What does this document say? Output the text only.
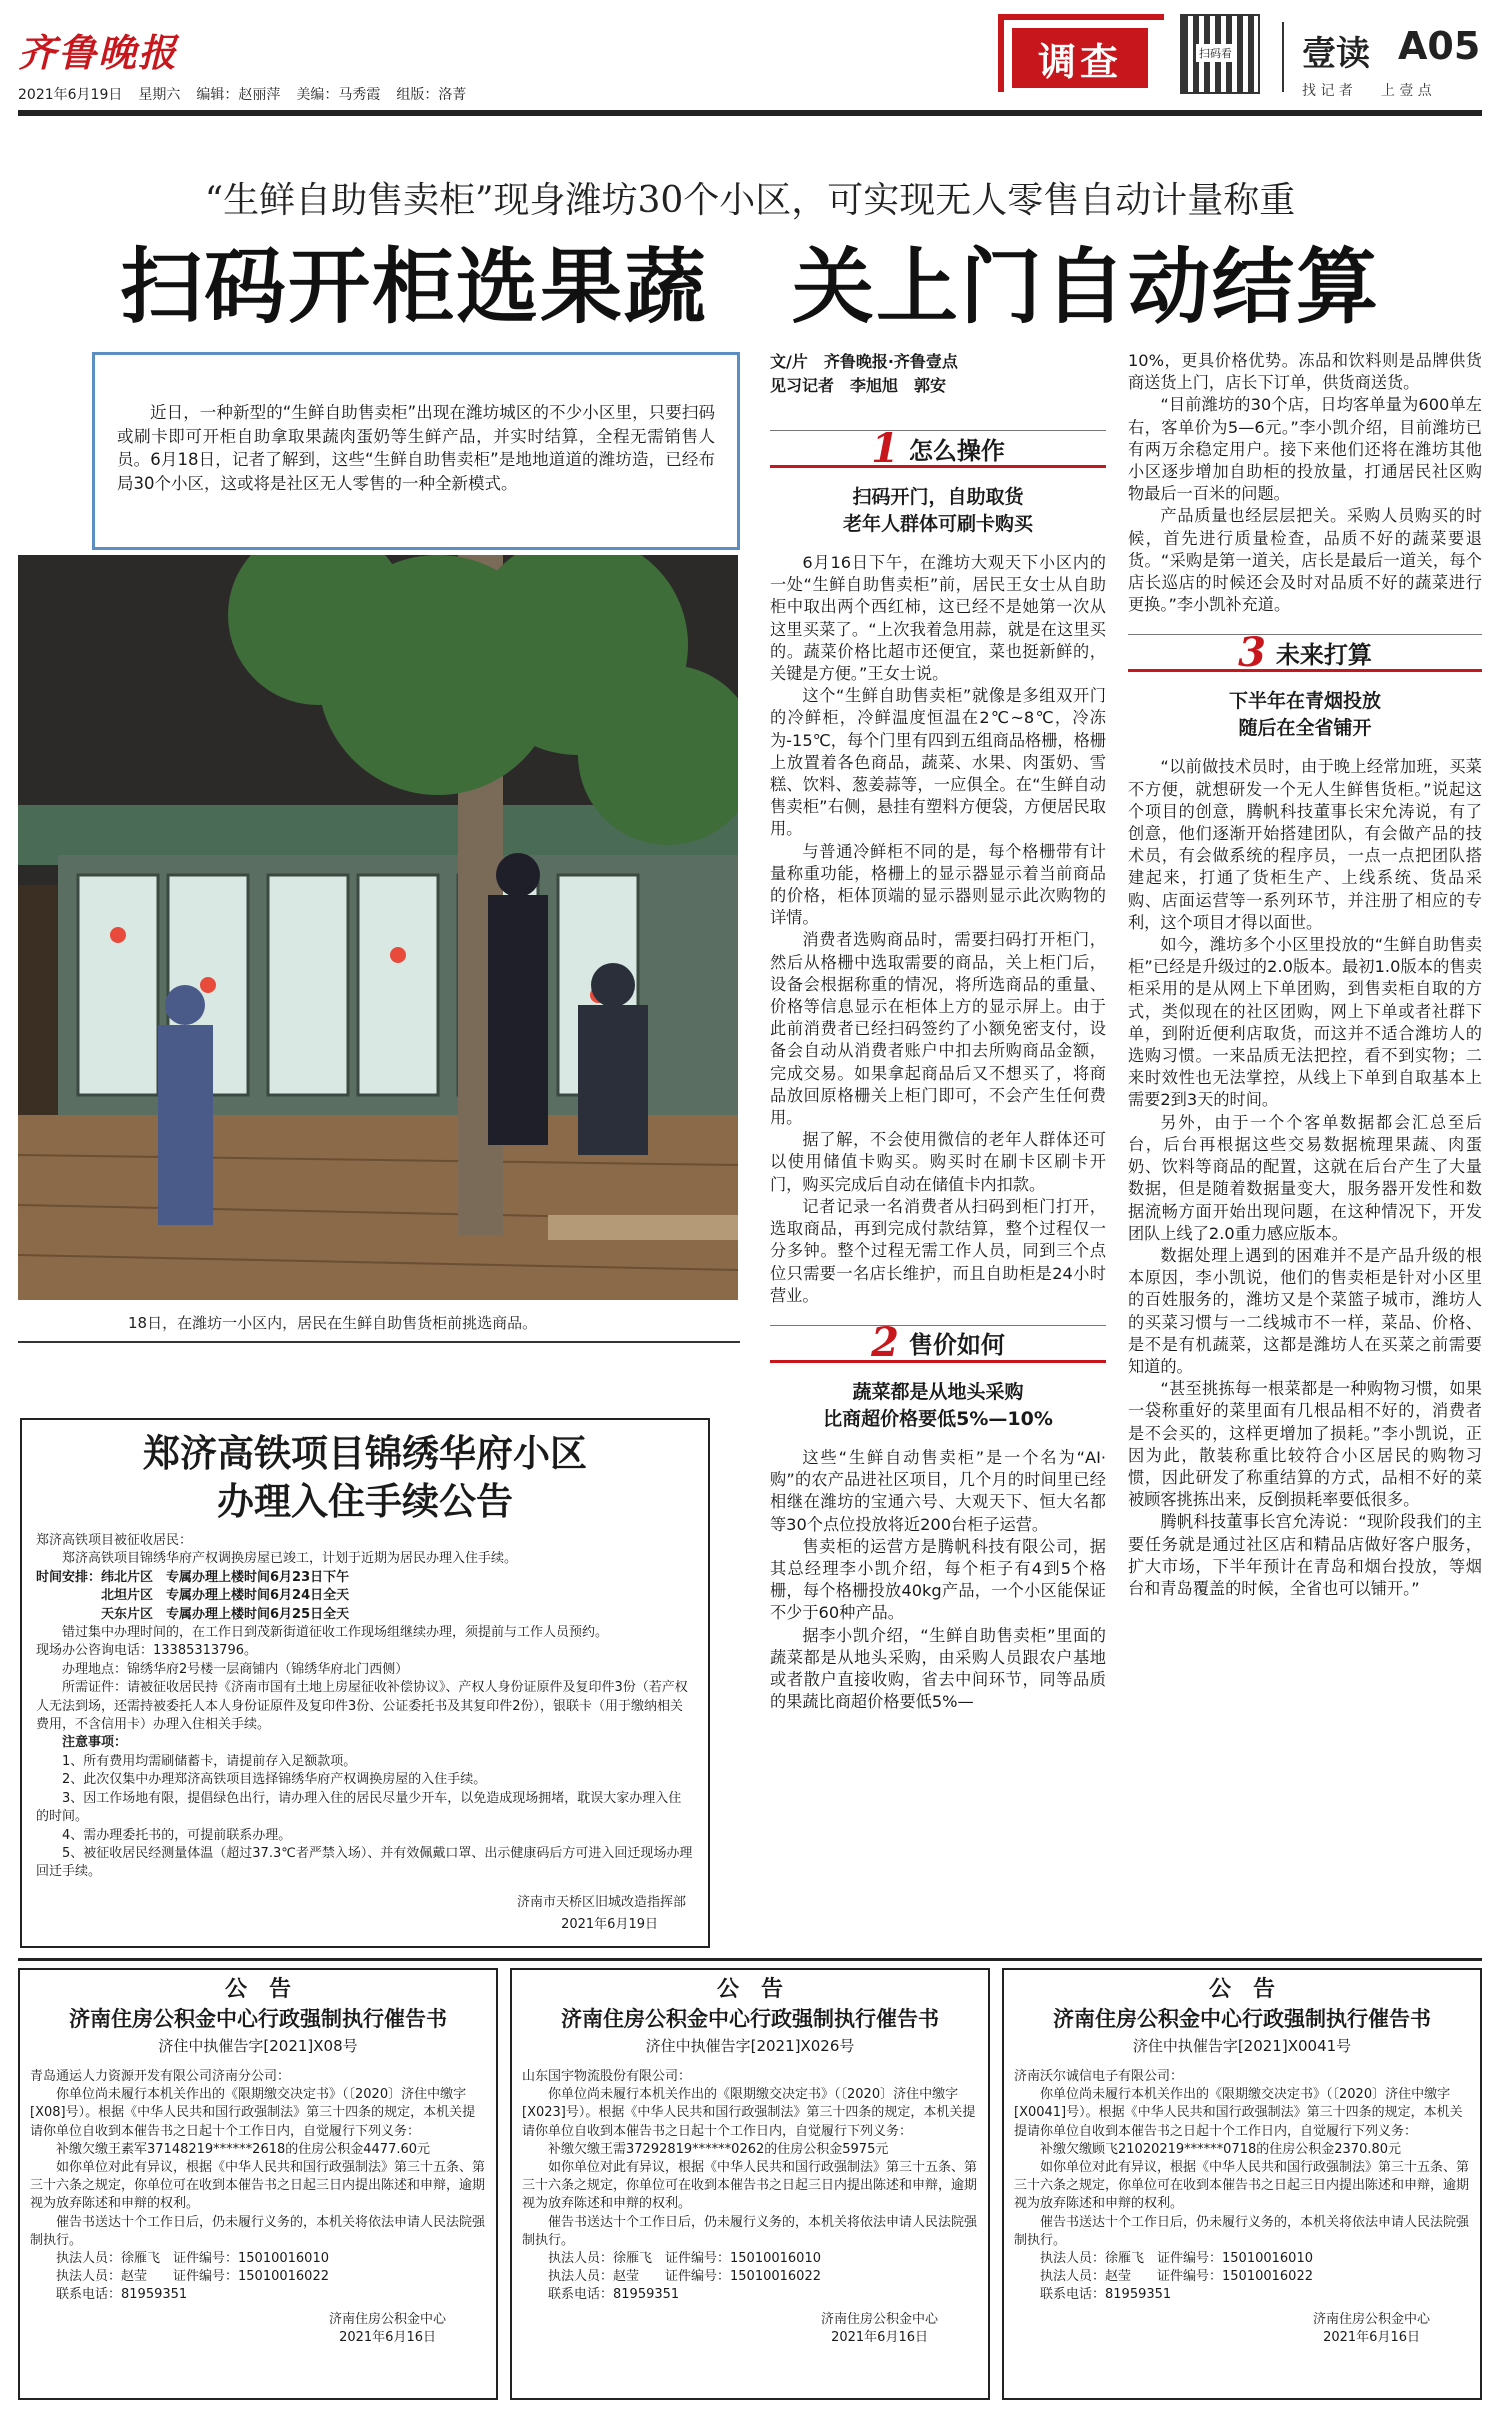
齐鲁晚报
2021年6月19日 星期六 编辑：赵丽萍 美编：马秀霞 组版：洛菁
调查	扫码看 壹读 A05
找 记 者　　上 壹 点
“生鲜自助售卖柜”现身潍坊30个小区，可实现无人零售自动计量称重
扫码开柜选果蔬　关上门自动结算

近日，一种新型的“生鲜自助售卖柜”出现在潍坊城区的不少小区里，只要扫码或刷卡即可开柜自助拿取果蔬肉蛋奶等生鲜产品，并实时结算，全程无需销售人员。6月18日，记者了解到，这些“生鲜自助售卖柜”是地地道道的潍坊造，已经布局30个小区，这或将是社区无人零售的一种全新模式。

18日，在潍坊一小区内，居民在生鲜自助售货柜前挑选商品。
文/片　齐鲁晚报·齐鲁壹点
见习记者　李旭旭　郭安
1 怎么操作
扫码开门，自助取货
老年人群体可刷卡购买

6月16日下午，在潍坊大观天下小区内的一处“生鲜自助售卖柜”前，居民王女士从自助柜中取出两个西红柿，这已经不是她第一次从这里买菜了。“上次我着急用蒜，就是在这里买的。蔬菜价格比超市还便宜，菜也挺新鲜的，关键是方便。”王女士说。

这个“生鲜自助售卖柜”就像是多组双开门的冷鲜柜，冷鲜温度恒温在2℃~8℃，冷冻为-15℃，每个门里有四到五组商品格栅，格栅上放置着各色商品，蔬菜、水果、肉蛋奶、雪糕、饮料、葱姜蒜等，一应俱全。在“生鲜自动售卖柜”右侧，悬挂有塑料方便袋，方便居民取用。

与普通冷鲜柜不同的是，每个格栅带有计量称重功能，格栅上的显示器显示着当前商品的价格，柜体顶端的显示器则显示此次购物的详情。

消费者选购商品时，需要扫码打开柜门，然后从格栅中选取需要的商品，关上柜门后，设备会根据称重的情况，将所选商品的重量、价格等信息显示在柜体上方的显示屏上。由于此前消费者已经扫码签约了小额免密支付，设备会自动从消费者账户中扣去所购商品金额，完成交易。如果拿起商品后又不想买了，将商品放回原格栅关上柜门即可，不会产生任何费用。

据了解，不会使用微信的老年人群体还可以使用储值卡购买。购买时在刷卡区刷卡开门，购买完成后自动在储值卡内扣款。

记者记录一名消费者从扫码到柜门打开，选取商品，再到完成付款结算，整个过程仅一分多钟。整个过程无需工作人员，同到三个点位只需要一名店长维护，而且自助柜是24小时营业。

2 售价如何
蔬菜都是从地头采购
比商超价格要低5%—10%

这些“生鲜自动售卖柜”是一个名为“AI·购”的农产品进社区项目，几个月的时间里已经相继在潍坊的宝通六号、大观天下、恒大名都等30个点位投放将近200台柜子运营。

售卖柜的运营方是腾帆科技有限公司，据其总经理李小凯介绍，每个柜子有4到5个格栅，每个格栅投放40kg产品，一个小区能保证不少于60种产品。

据李小凯介绍，“生鲜自助售卖柜”里面的蔬菜都是从地头采购，由采购人员跟农户基地或者散户直接收购，省去中间环节，同等品质的果蔬比商超价格要低5%—

10%，更具价格优势。冻品和饮料则是品牌供货商送货上门，店长下订单，供货商送货。

“目前潍坊的30个店，日均客单量为600单左右，客单价为5—6元。”李小凯介绍，目前潍坊已有两万余稳定用户。接下来他们还将在潍坊其他小区逐步增加自助柜的投放量，打通居民社区购物最后一百米的问题。

产品质量也经层层把关。采购人员购买的时候，首先进行质量检查，品质不好的蔬菜要退货。“采购是第一道关，店长是最后一道关，每个店长巡店的时候还会及时对品质不好的蔬菜进行更换。”李小凯补充道。

3 未来打算
下半年在青烟投放
随后在全省铺开

“以前做技术员时，由于晚上经常加班，买菜不方便，就想研发一个无人生鲜售货柜。”说起这个项目的创意，腾帆科技董事长宋允涛说，有了创意，他们逐渐开始搭建团队，有会做产品的技术员，有会做系统的程序员，一点一点把团队搭建起来，打通了货柜生产、上线系统、货品采购、店面运营等一系列环节，并注册了相应的专利，这个项目才得以面世。

如今，潍坊多个小区里投放的“生鲜自助售卖柜”已经是升级过的2.0版本。最初1.0版本的售卖柜采用的是从网上下单团购，到售卖柜自取的方式，类似现在的社区团购，网上下单或者社群下单，到附近便利店取货，而这并不适合潍坊人的选购习惯。一来品质无法把控，看不到实物；二来时效性也无法掌控，从线上下单到自取基本上需要2到3天的时间。

另外，由于一个个客单数据都会汇总至后台，后台再根据这些交易数据梳理果蔬、肉蛋奶、饮料等商品的配置，这就在后台产生了大量数据，但是随着数据量变大，服务器开发性和数据流畅方面开始出现问题，在这种情况下，开发团队上线了2.0重力感应版本。

数据处理上遇到的困难并不是产品升级的根本原因，李小凯说，他们的售卖柜是针对小区里的百姓服务的，潍坊又是个菜篮子城市，潍坊人的买菜习惯与一二线城市不一样，菜品、价格、是不是有机蔬菜，这都是潍坊人在买菜之前需要知道的。

“甚至挑拣每一根菜都是一种购物习惯，如果一袋称重好的菜里面有几根品相不好的，消费者是不会买的，这样更增加了损耗。”李小凯说，正因为此，散装称重比较符合小区居民的购物习惯，因此研发了称重结算的方式，品相不好的菜被顾客挑拣出来，反倒损耗率要低很多。

腾帆科技董事长宫允涛说：“现阶段我们的主要任务就是通过社区店和精品店做好客户服务，扩大市场，下半年预计在青岛和烟台投放，等烟台和青岛覆盖的时候，全省也可以铺开。”

郑济高铁项目锦绣华府小区
办理入住手续公告
郑济高铁项目被征收居民：
　　郑济高铁项目锦绣华府产权调换房屋已竣工，计划于近期为居民办理入住手续。
时间安排：纬北片区　专属办理上楼时间6月23日下午
　　　　　北坦片区　专属办理上楼时间6月24日全天
　　　　　天东片区　专属办理上楼时间6月25日全天
　　错过集中办理时间的，在工作日到茂新街道征收工作现场组继续办理，须提前与工作人员预约。
现场办公咨询电话：13385313796。
　　办理地点：锦绣华府2号楼一层商铺内（锦绣华府北门西侧）
　　所需证件：请被征收居民持《济南市国有土地上房屋征收补偿协议》、产权人身份证原件及复印件3份（若产权人无法到场，还需持被委托人本人身份证原件及复印件3份、公证委托书及其复印件2份），银联卡（用于缴纳相关费用，不含信用卡）办理入住相关手续。
　　注意事项：
　　1、所有费用均需刷储蓄卡，请提前存入足额款项。
　　2、此次仅集中办理郑济高铁项目选择锦绣华府产权调换房屋的入住手续。
　　3、因工作场地有限，提倡绿色出行，请办理入住的居民尽量少开车，以免造成现场拥堵，耽误大家办理入住的时间。
　　4、需办理委托书的，可提前联系办理。
　　5、被征收居民经测量体温（超过37.3℃者严禁入场）、并有效佩戴口罩、出示健康码后方可进入回迁现场办理回迁手续。
济南市天桥区旧城改造指挥部
2021年6月19日
公　告
济南住房公积金中心行政强制执行催告书
济住中执催告字[2021]X08号
青岛通运人力资源开发有限公司济南分公司：
　　你单位尚未履行本机关作出的《限期缴交决定书》（〔2020〕济住中缴字[X08]号）。根据《中华人民共和国行政强制法》第三十四条的规定，本机关提请你单位自收到本催告书之日起十个工作日内，自觉履行下列义务：
　　补缴欠缴王素军37148219******2618的住房公积金4477.60元
　　如你单位对此有异议，根据《中华人民共和国行政强制法》第三十五条、第三十六条之规定，你单位可在收到本催告书之日起三日内提出陈述和申辩，逾期视为放弃陈述和申辩的权利。
　　催告书送达十个工作日后，仍未履行义务的，本机关将依法申请人民法院强制执行。
　　执法人员：徐雁飞　证件编号：15010016010
　　执法人员：赵莹　　证件编号：15010016022
　　联系电话：81959351
济南住房公积金中心
2021年6月16日
公　告
济南住房公积金中心行政强制执行催告书
济住中执催告字[2021]X026号
山东国宇物流股份有限公司：
　　你单位尚未履行本机关作出的《限期缴交决定书》（〔2020〕济住中缴字[X023]号）。根据《中华人民共和国行政强制法》第三十四条的规定，本机关提请你单位自收到本催告书之日起十个工作日内，自觉履行下列义务：
　　补缴欠缴王需37292819******0262的住房公积金5975元
　　如你单位对此有异议，根据《中华人民共和国行政强制法》第三十五条、第三十六条之规定，你单位可在收到本催告书之日起三日内提出陈述和申辩，逾期视为放弃陈述和申辩的权利。
　　催告书送达十个工作日后，仍未履行义务的，本机关将依法申请人民法院强制执行。
　　执法人员：徐雁飞　证件编号：15010016010
　　执法人员：赵莹　　证件编号：15010016022
　　联系电话：81959351
济南住房公积金中心
2021年6月16日
公　告
济南住房公积金中心行政强制执行催告书
济住中执催告字[2021]X0041号
济南沃尔诚信电子有限公司：
　　你单位尚未履行本机关作出的《限期缴交决定书》（〔2020〕济住中缴字[X0041]号）。根据《中华人民共和国行政强制法》第三十四条的规定，本机关提请你单位自收到本催告书之日起十个工作日内，自觉履行下列义务：
　　补缴欠缴顾飞21020219******0718的住房公积金2370.80元
　　如你单位对此有异议，根据《中华人民共和国行政强制法》第三十五条、第三十六条之规定，你单位可在收到本催告书之日起三日内提出陈述和申辩，逾期视为放弃陈述和申辩的权利。
　　催告书送达十个工作日后，仍未履行义务的，本机关将依法申请人民法院强制执行。
　　执法人员：徐雁飞　证件编号：15010016010
　　执法人员：赵莹　　证件编号：15010016022
　　联系电话：81959351
济南住房公积金中心
2021年6月16日
